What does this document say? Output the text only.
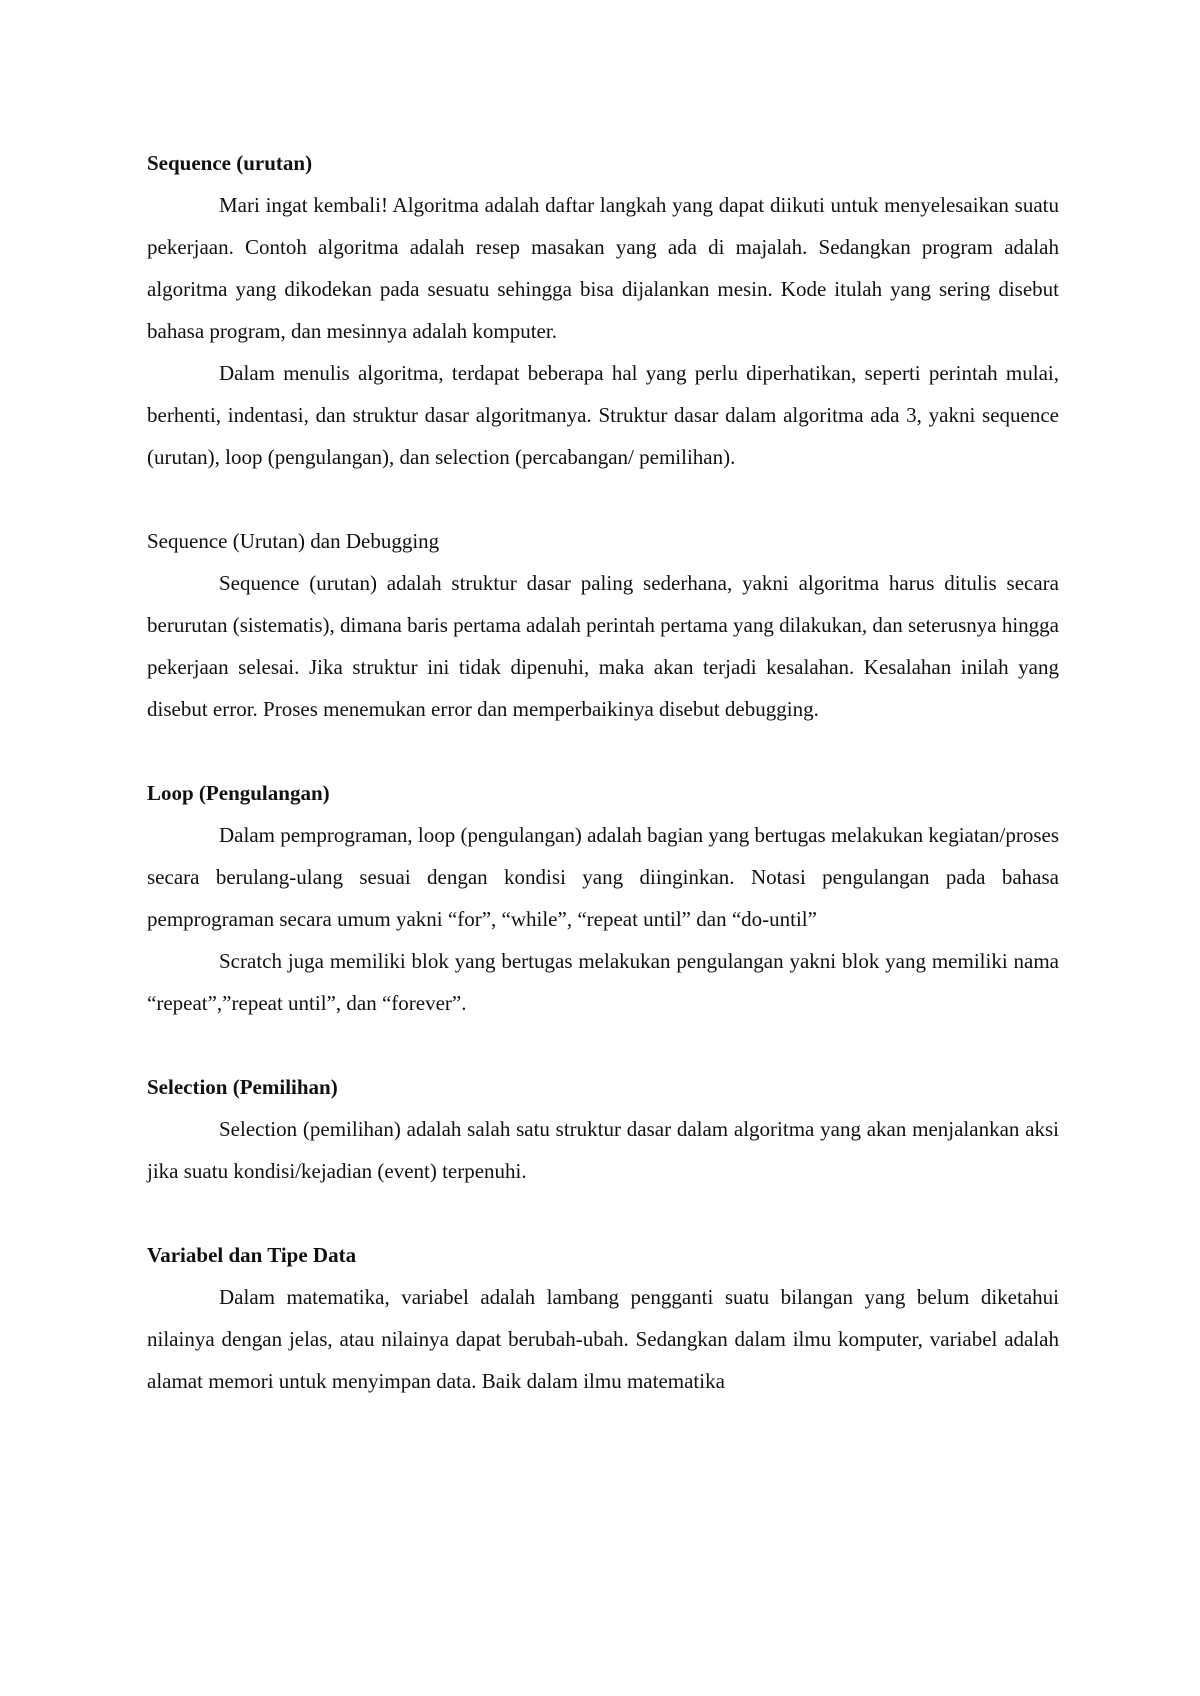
Sequence (urutan)

Mari ingat kembali! Algoritma adalah daftar langkah yang dapat diikuti untuk menyelesaikan suatu pekerjaan. Contoh algoritma adalah resep masakan yang ada di majalah. Sedangkan program adalah algoritma yang dikodekan pada sesuatu sehingga bisa dijalankan mesin. Kode itulah yang sering disebut bahasa program, dan mesinnya adalah komputer.

Dalam menulis algoritma, terdapat beberapa hal yang perlu diperhatikan, seperti perintah mulai, berhenti, indentasi, dan struktur dasar algoritmanya. Struktur dasar dalam algoritma ada 3, yakni sequence (urutan), loop (pengulangan), dan selection (percabangan/ pemilihan).

Sequence (Urutan) dan Debugging

Sequence (urutan) adalah struktur dasar paling sederhana, yakni algoritma harus ditulis secara berurutan (sistematis), dimana baris pertama adalah perintah pertama yang dilakukan, dan seterusnya hingga pekerjaan selesai. Jika struktur ini tidak dipenuhi, maka akan terjadi kesalahan. Kesalahan inilah yang disebut error. Proses menemukan error dan memperbaikinya disebut debugging.

Loop (Pengulangan)

Dalam pemprograman, loop (pengulangan) adalah bagian yang bertugas melakukan kegiatan/proses secara berulang-ulang sesuai dengan kondisi yang diinginkan. Notasi pengulangan pada bahasa pemprograman secara umum yakni “for”, “while”, “repeat until” dan “do-until”

Scratch juga memiliki blok yang bertugas melakukan pengulangan yakni blok yang memiliki nama “repeat”,”repeat until”, dan “forever”.

Selection (Pemilihan)

Selection (pemilihan) adalah salah satu struktur dasar dalam algoritma yang akan menjalankan aksi jika suatu kondisi/kejadian (event) terpenuhi.

Variabel dan Tipe Data

Dalam matematika, variabel adalah lambang pengganti suatu bilangan yang belum diketahui nilainya dengan jelas, atau nilainya dapat berubah-ubah. Sedangkan dalam ilmu komputer, variabel adalah alamat memori untuk menyimpan data. Baik dalam ilmu matematika
